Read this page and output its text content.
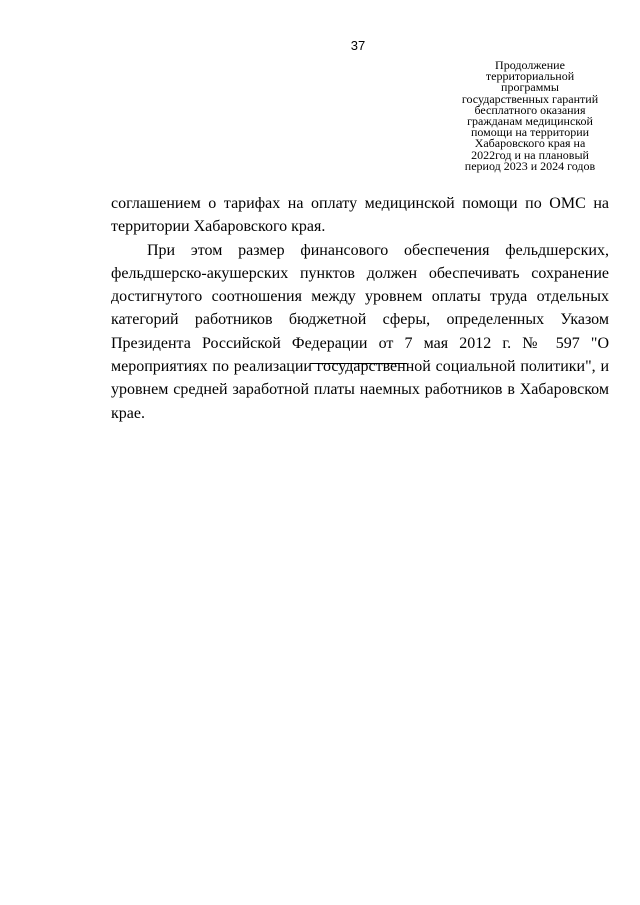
37
Продолжение
территориальной
программы
государственных гарантий
бесплатного оказания
гражданам медицинской
помощи на территории
Хабаровского края на
2022год и на плановый
период 2023 и 2024 годов

соглашением о тарифах на оплату медицинской помощи по ОМС на территории Хабаровского края.

При этом размер финансового обеспечения фельдшерских, фельдшерско-акушерских пунктов должен обеспечивать сохранение достигнутого соотношения между уровнем оплаты труда отдельных категорий работников бюджетной сферы, определенных Указом Президента Российской Федерации от 7 мая 2012 г. № 597 "О мероприятиях по реализации государственной социальной политики", и уровнем средней заработной платы наемных работников в Хабаровском крае.
